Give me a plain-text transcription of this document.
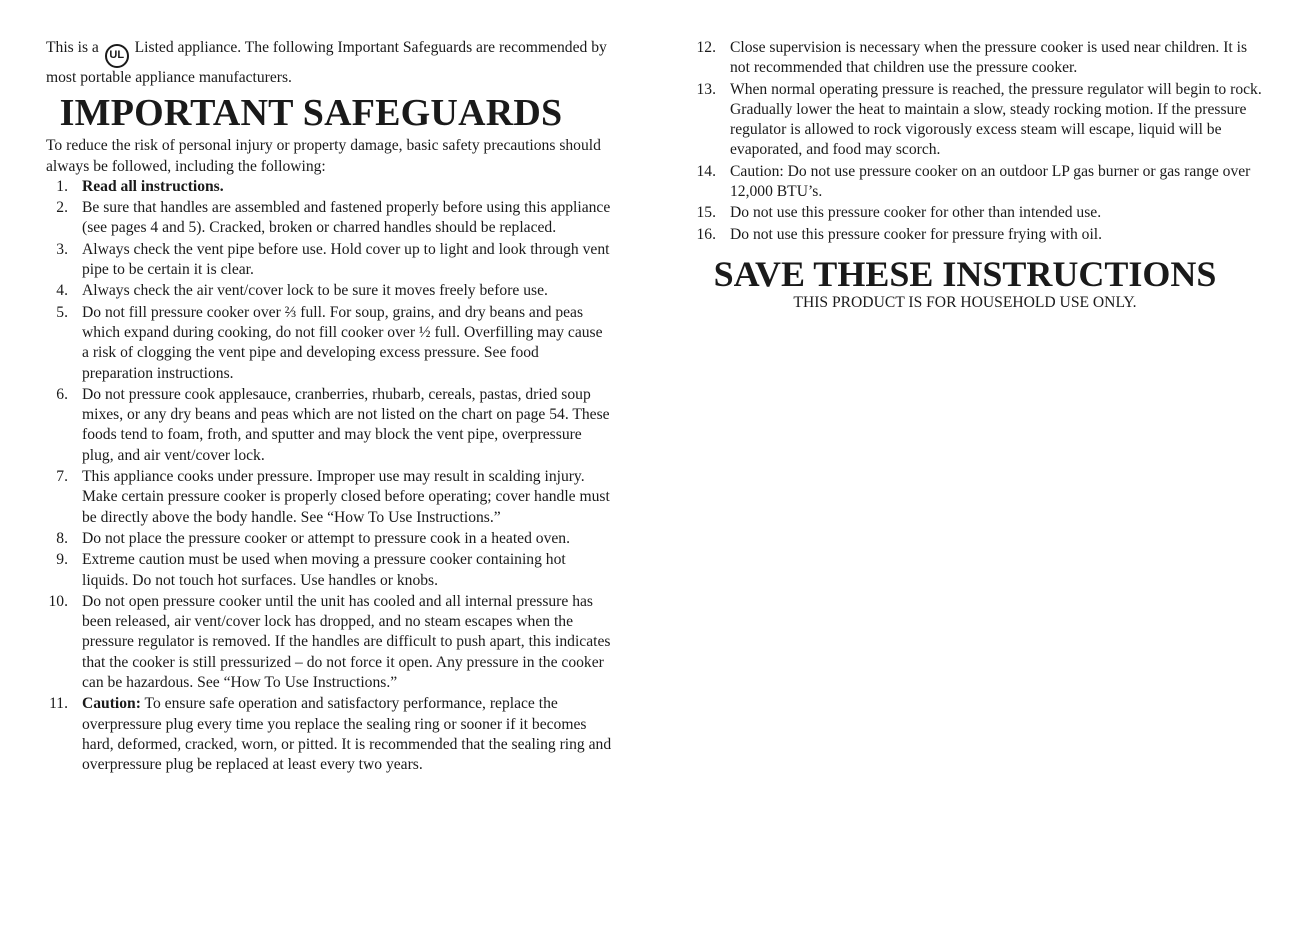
This is a UL Listed appliance. The following Important Safeguards are recommended by most portable appliance manufacturers.

IMPORTANT SAFEGUARDS

To reduce the risk of personal injury or property damage, basic safety precautions should always be followed, including the following:

1. Read all instructions.
2. Be sure that handles are assembled and fastened properly before using this appliance (see pages 4 and 5). Cracked, broken or charred handles should be replaced.
3. Always check the vent pipe before use. Hold cover up to light and look through vent pipe to be certain it is clear.
4. Always check the air vent/cover lock to be sure it moves freely before use.
5. Do not fill pressure cooker over ⅔ full. For soup, grains, and dry beans and peas which expand during cooking, do not fill cooker over ½ full. Overfilling may cause a risk of clogging the vent pipe and developing excess pressure. See food preparation instructions.
6. Do not pressure cook applesauce, cranberries, rhubarb, cereals, pastas, dried soup mixes, or any dry beans and peas which are not listed on the chart on page 54. These foods tend to foam, froth, and sputter and may block the vent pipe, overpressure plug, and air vent/cover lock.
7. This appliance cooks under pressure. Improper use may result in scalding injury. Make certain pressure cooker is properly closed before operating; cover handle must be directly above the body handle. See “How To Use Instructions.”
8. Do not place the pressure cooker or attempt to pressure cook in a heated oven.
9. Extreme caution must be used when moving a pressure cooker containing hot liquids. Do not touch hot surfaces. Use handles or knobs.
10. Do not open pressure cooker until the unit has cooled and all internal pressure has been released, air vent/cover lock has dropped, and no steam escapes when the pressure regulator is removed. If the handles are difficult to push apart, this indicates that the cooker is still pressurized – do not force it open. Any pressure in the cooker can be hazardous. See “How To Use Instructions.”
11. Caution: To ensure safe operation and satisfactory performance, replace the overpressure plug every time you replace the sealing ring or sooner if it becomes hard, deformed, cracked, worn, or pitted. It is recommended that the sealing ring and overpressure plug be replaced at least every two years.
12. Close supervision is necessary when the pressure cooker is used near children. It is not recommended that children use the pressure cooker.
13. When normal operating pressure is reached, the pressure regulator will begin to rock. Gradually lower the heat to maintain a slow, steady rocking motion. If the pressure regulator is allowed to rock vigorously excess steam will escape, liquid will be evaporated, and food may scorch.
14. Caution: Do not use pressure cooker on an outdoor LP gas burner or gas range over 12,000 BTU’s.
15. Do not use this pressure cooker for other than intended use.
16. Do not use this pressure cooker for pressure frying with oil.
SAVE THESE INSTRUCTIONS

THIS PRODUCT IS FOR HOUSEHOLD USE ONLY.
